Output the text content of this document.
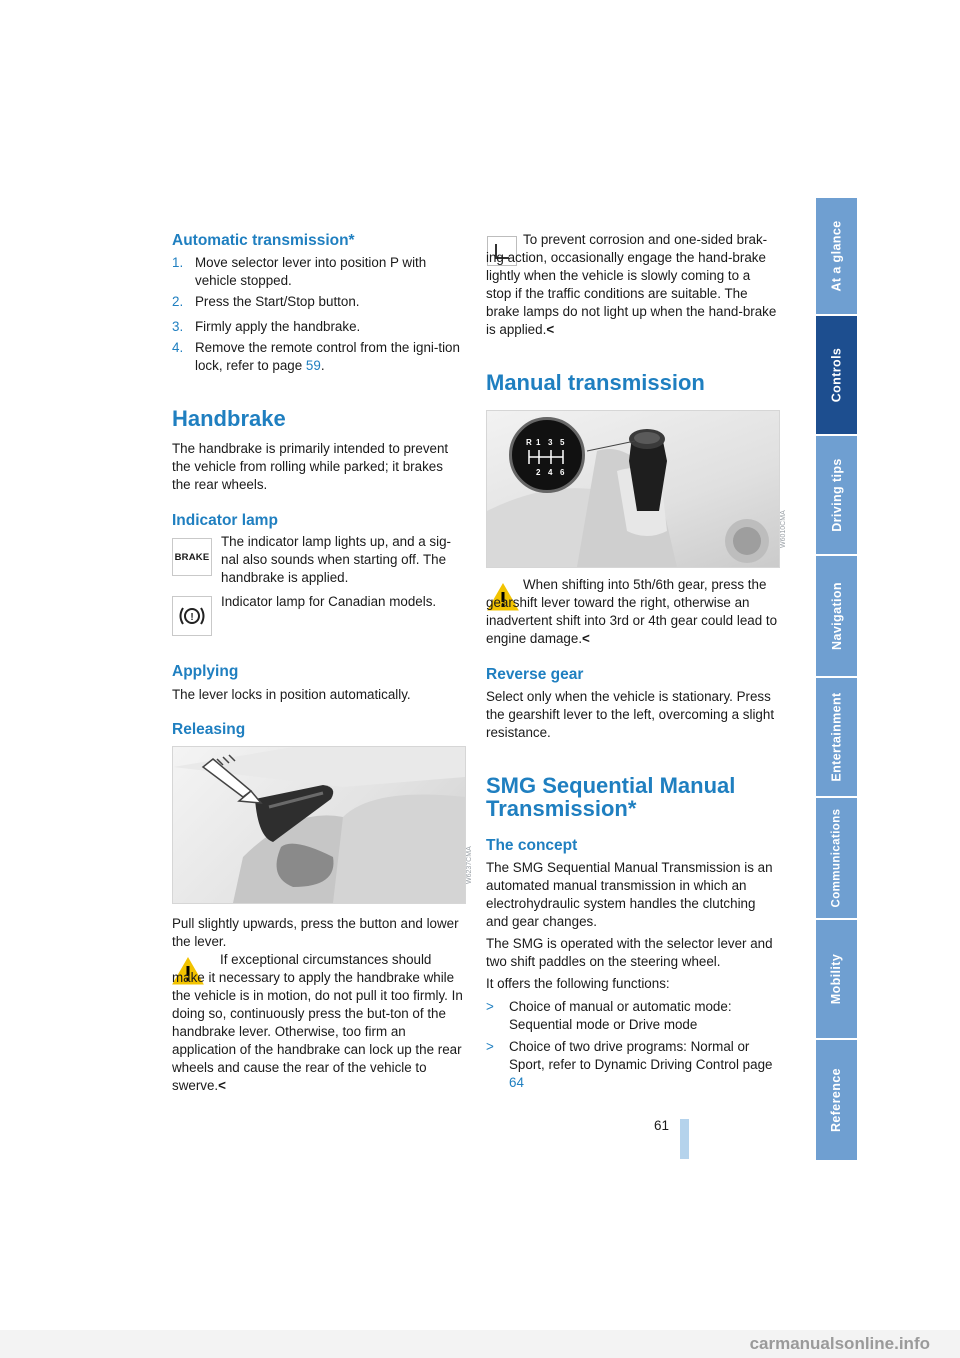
Automatic transmission*
1. Move selector lever into position P with vehicle stopped.
2. Press the Start/Stop button.
3. Firmly apply the handbrake.
4. Remove the remote control from the igni-tion lock, refer to page 59.
Handbrake
The handbrake is primarily intended to prevent the vehicle from rolling while parked; it brakes the rear wheels.
Indicator lamp
BRAKE
The indicator lamp lights up, and a sig-nal also sounds when starting off. The handbrake is applied.
!
Indicator lamp for Canadian models.
Applying
The lever locks in position automatically.
Releasing
W6237CMA
Pull slightly upwards, press the button and lower the lever.
If exceptional circumstances should make it necessary to apply the handbrake while the vehicle is in motion, do not pull it too firmly. In doing so, continuously press the but-ton of the handbrake lever. Otherwise, too firm an application of the handbrake can lock up the rear wheels and cause the rear of the vehicle to swerve.<
To prevent corrosion and one-sided brak-ing action, occasionally engage the hand-brake lightly when the vehicle is slowly coming to a stop if the traffic conditions are suitable. The brake lamps do not light up when the hand-brake is applied.<
Manual transmission
R 1 3 5
2 4 6
W6010CMA
When shifting into 5th/6th gear, press the gearshift lever toward the right, otherwise an inadvertent shift into 3rd or 4th gear could lead to engine damage.<
Reverse gear
Select only when the vehicle is stationary. Press the gearshift lever to the left, overcoming a slight resistance.
SMG Sequential Manual
Transmission*
The concept
The SMG Sequential Manual Transmission is an automated manual transmission in which an electrohydraulic system handles the clutching and gear changes.
The SMG is operated with the selector lever and two shift paddles on the steering wheel.
It offers the following functions:
> Choice of manual or automatic mode: Sequential mode or Drive mode
> Choice of two drive programs: Normal or Sport, refer to Dynamic Driving Control page 64
At a glance
Controls
Driving tips
Navigation
Entertainment
Communications
Mobility
Reference
61
carmanualsonline.info
